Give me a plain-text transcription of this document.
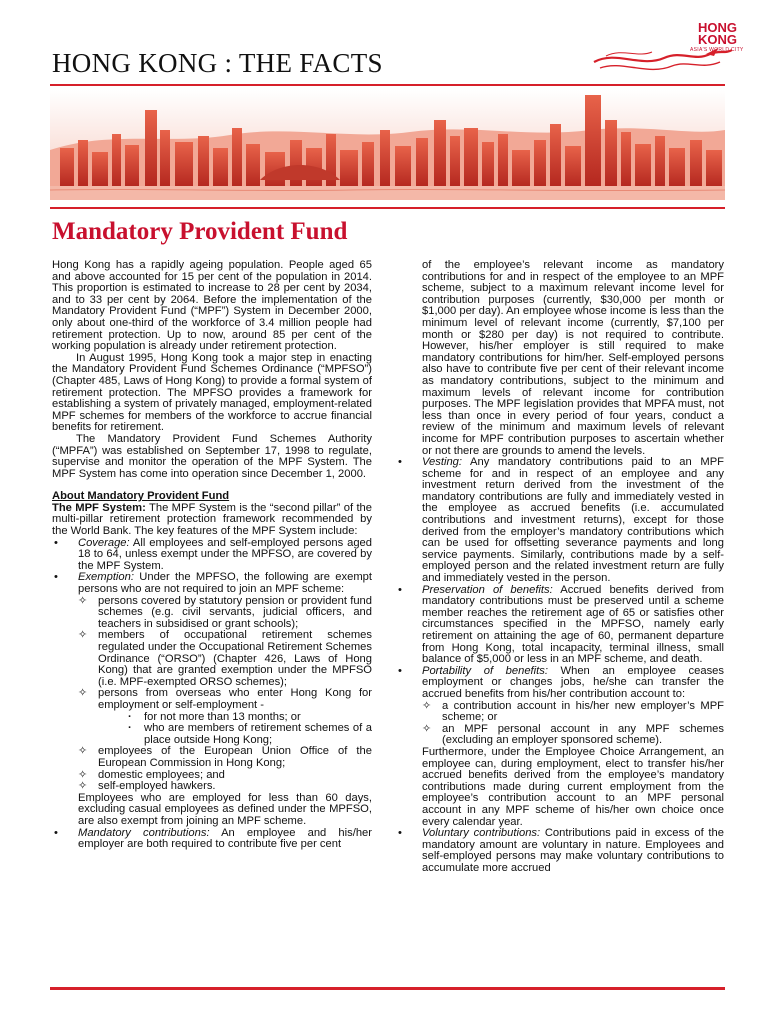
HONG KONG : THE FACTS
HONG
KONG
ASIA'S WORLD CITY
Mandatory Provident Fund

Hong Kong has a rapidly ageing population. People aged 65 and above accounted for 15 per cent of the population in 2014. This proportion is estimated to increase to 28 per cent by 2034, and to 33 per cent by 2064. Before the implementation of the Mandatory Provident Fund (“MPF”) System in December 2000, only about one-third of the workforce of 3.4 million people had retirement protection. Up to now, around 85 per cent of the working population is already under retirement protection.

In August 1995, Hong Kong took a major step in enacting the Mandatory Provident Fund Schemes Ordinance (“MPFSO”) (Chapter 485, Laws of Hong Kong) to provide a formal system of retirement protection. The MPFSO provides a framework for establishing a system of privately managed, employment-related MPF schemes for members of the workforce to accrue financial benefits for retirement.

The Mandatory Provident Fund Schemes Authority (“MPFA”) was established on September 17, 1998 to regulate, supervise and monitor the operation of the MPF System. The MPF System has come into operation since December 1, 2000.

About Mandatory Provident Fund

The MPF System: The MPF System is the “second pillar” of the multi-pillar retirement protection framework recommended by the World Bank. The key features of the MPF System include:

• Coverage: All employees and self-employed persons aged 18 to 64, unless exempt under the MPFSO, are covered by the MPF System.
• Exemption: Under the MPFSO, the following are exempt persons who are not required to join an MPF scheme:
✧ persons covered by statutory pension or provident fund schemes (e.g. civil servants, judicial officers, and teachers in subsidised or grant schools);
✧ members of occupational retirement schemes regulated under the Occupational Retirement Schemes Ordinance (“ORSO”) (Chapter 426, Laws of Hong Kong) that are granted exemption under the MPFSO (i.e. MPF-exempted ORSO schemes);
✧ persons from overseas who enter Hong Kong for employment or self-employment -
· for not more than 13 months; or
· who are members of retirement schemes of a place outside Hong Kong;
✧ employees of the European Union Office of the European Commission in Hong Kong;
✧ domestic employees; and
✧ self-employed hawkers.
Employees who are employed for less than 60 days, excluding casual employees as defined under the MPFSO, are also exempt from joining an MPF scheme.
• Mandatory contributions: An employee and his/her employer are both required to contribute five per cent
of the employee’s relevant income as mandatory contributions for and in respect of the employee to an MPF scheme, subject to a maximum relevant income level for contribution purposes (currently, $30,000 per month or $1,000 per day). An employee whose income is less than the minimum level of relevant income (currently, $7,100 per month or $280 per day) is not required to contribute. However, his/her employer is still required to make mandatory contributions for him/her. Self-employed persons also have to contribute five per cent of their relevant income as mandatory contributions, subject to the minimum and maximum levels of relevant income for contribution purposes. The MPF legislation provides that MPFA must, not less than once in every period of four years, conduct a review of the minimum and maximum levels of relevant income for MPF contribution purposes to ascertain whether or not there are grounds to amend the levels.
• Vesting: Any mandatory contributions paid to an MPF scheme for and in respect of an employee and any investment return derived from the investment of the mandatory contributions are fully and immediately vested in the employee as accrued benefits (i.e. accumulated contributions and investment returns), except for those derived from the employer’s mandatory contributions which can be used for offsetting severance payments and long service payments. Similarly, contributions made by a self-employed person and the related investment return are fully and immediately vested in the person.
• Preservation of benefits: Accrued benefits derived from mandatory contributions must be preserved until a scheme member reaches the retirement age of 65 or satisfies other circumstances specified in the MPFSO, namely early retirement on attaining the age of 60, permanent departure from Hong Kong, total incapacity, terminal illness, small balance of $5,000 or less in an MPF scheme, and death.
• Portability of benefits: When an employee ceases employment or changes jobs, he/she can transfer the accrued benefits from his/her contribution account to:
✧ a contribution account in his/her new employer’s MPF scheme; or
✧ an MPF personal account in any MPF schemes (excluding an employer sponsored scheme).
Furthermore, under the Employee Choice Arrangement, an employee can, during employment, elect to transfer his/her accrued benefits derived from the employee’s mandatory contributions made during current employment from the employee’s contribution account to an MPF personal account in any MPF scheme of his/her own choice once every calendar year.
• Voluntary contributions: Contributions paid in excess of the mandatory amount are voluntary in nature. Employees and self-employed persons may make voluntary contributions to accumulate more accrued
